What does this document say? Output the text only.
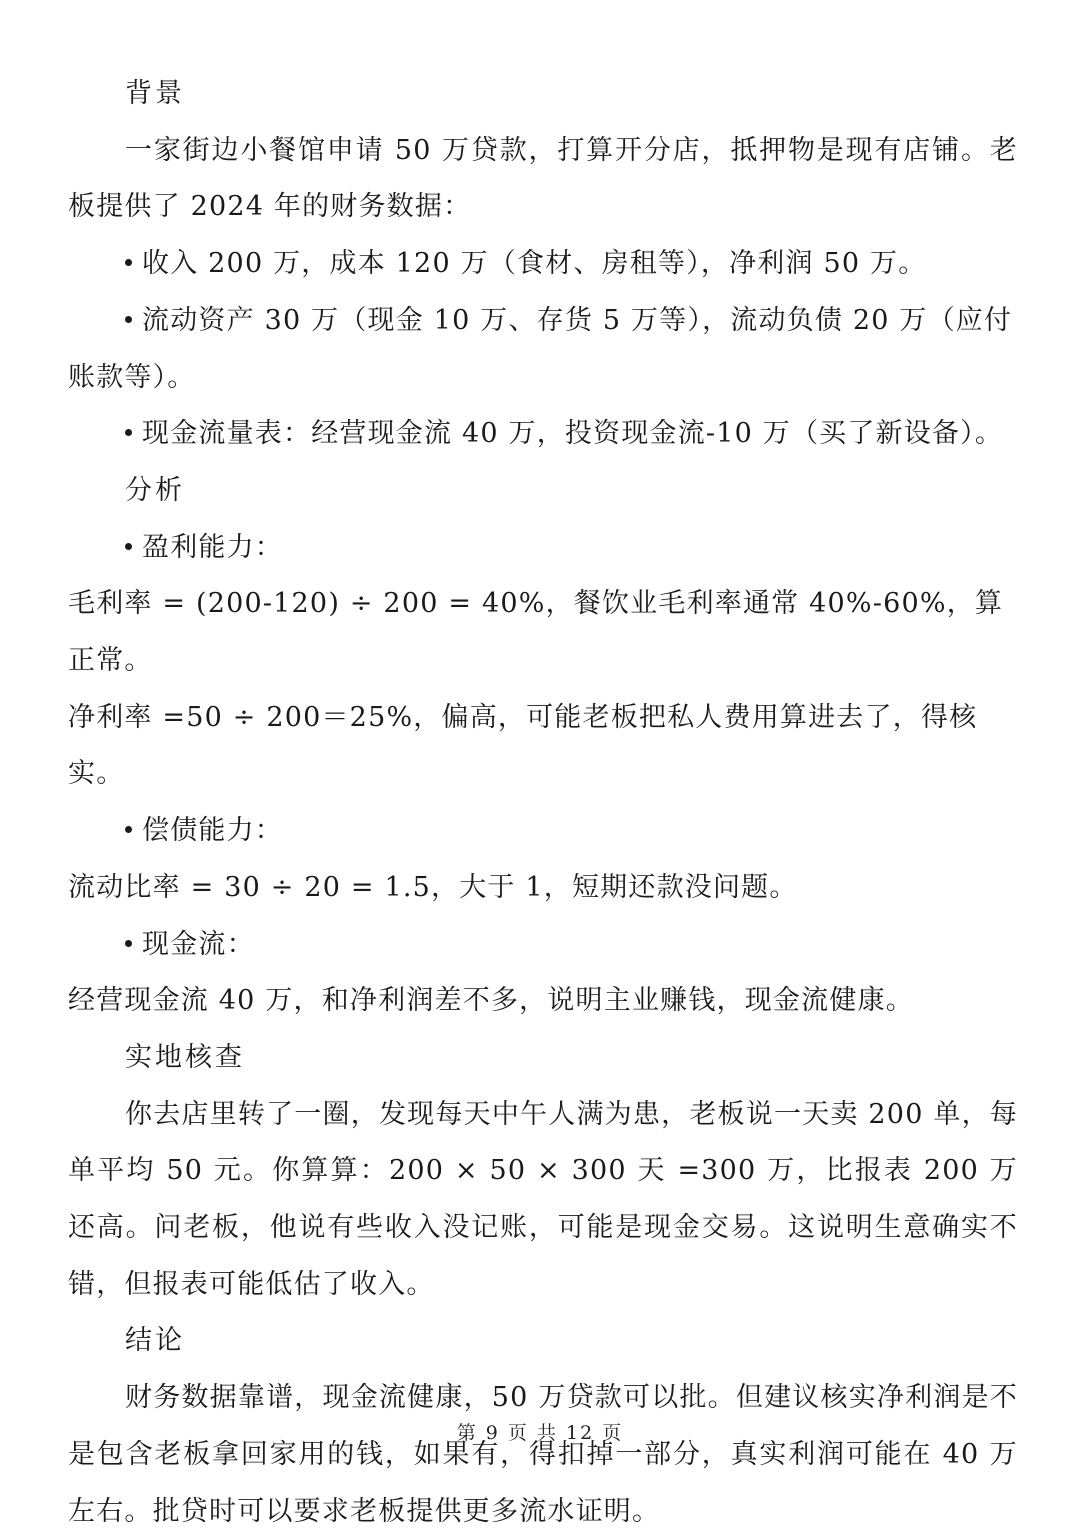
背景
一家街边小餐馆申请 50 万贷款，打算开分店，抵押物是现有店铺。老板提供了 2024 年的财务数据：
收入 200 万，成本 120 万（食材、房租等），净利润 50 万。
流动资产 30 万（现金 10 万、存货 5 万等），流动负债 20 万（应付账款等）。
现金流量表：经营现金流 40 万，投资现金流-10 万（买了新设备）。
分析
盈利能力：
毛利率 = (200-120) ÷ 200 = 40%，餐饮业毛利率通常 40%-60%，算正常。
净利率 =50 ÷ 200＝25%，偏高，可能老板把私人费用算进去了，得核实。
偿债能力：
流动比率 = 30 ÷ 20 = 1.5，大于 1，短期还款没问题。
现金流：
经营现金流 40 万，和净利润差不多，说明主业赚钱，现金流健康。
实地核查
你去店里转了一圈，发现每天中午人满为患，老板说一天卖 200 单，每单平均 50 元。你算算：200 × 50 × 300 天 =300 万，比报表 200 万还高。问老板，他说有些收入没记账，可能是现金交易。这说明生意确实不错，但报表可能低估了收入。
结论
财务数据靠谱，现金流健康，50 万贷款可以批。但建议核实净利润是不是包含老板拿回家用的钱，如果有，得扣掉一部分，真实利润可能在 40 万左右。批贷时可以要求老板提供更多流水证明。
第 9 页 共 12 页
